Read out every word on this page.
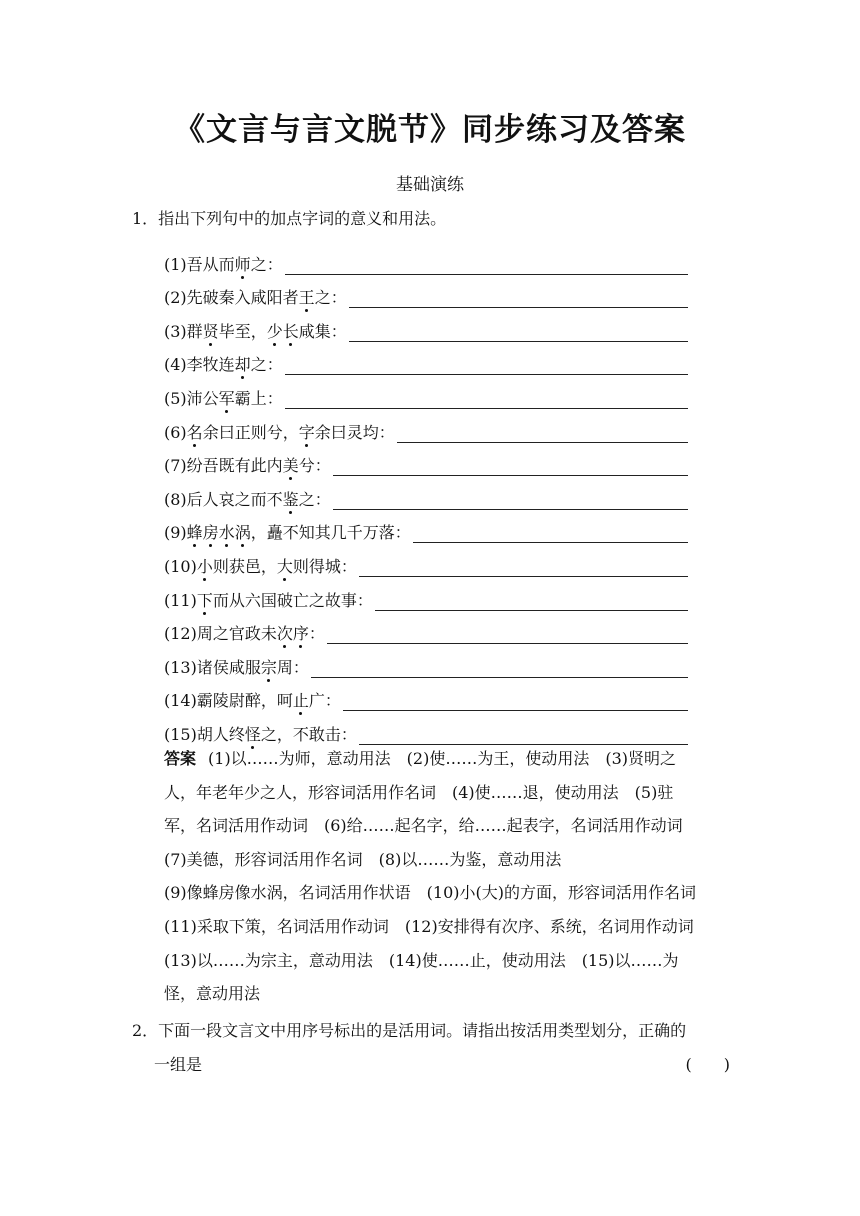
《文言与言文脱节》同步练习及答案
基础演练
1．指出下列句中的加点字词的意义和用法。
(1)吾从而师之：
(2)先破秦入咸阳者王之：
(3)群贤毕至，少长咸集：
(4)李牧连却之：
(5)沛公军霸上：
(6)名余曰正则兮，字余曰灵均：
(7)纷吾既有此内美兮：
(8)后人哀之而不鉴之：
(9)蜂房水涡，矗不知其几千万落：
(10)小则获邑，大则得城：
(11)下而从六国破亡之故事：
(12)周之官政未次序：
(13)诸侯咸服宗周：
(14)霸陵尉醉，呵止广：
(15)胡人终怪之，不敢击：
答案 (1)以……为师，意动用法　(2)使……为王，使动用法　(3)贤明之
人，年老年少之人，形容词活用作名词　(4)使……退，使动用法　(5)驻
军，名词活用作动词　(6)给……起名字，给……起表字，名词活用作动词
(7)美德，形容词活用作名词　(8)以……为鉴，意动用法
(9)像蜂房像水涡，名词活用作状语　(10)小(大)的方面，形容词活用作名词
(11)采取下策，名词活用作动词　(12)安排得有次序、系统，名词用作动词
(13)以……为宗主，意动用法　(14)使……止，使动用法　(15)以……为
怪，意动用法
2．下面一段文言文中用序号标出的是活用词。请指出按活用类型划分，正确的
一组是	(　　)
